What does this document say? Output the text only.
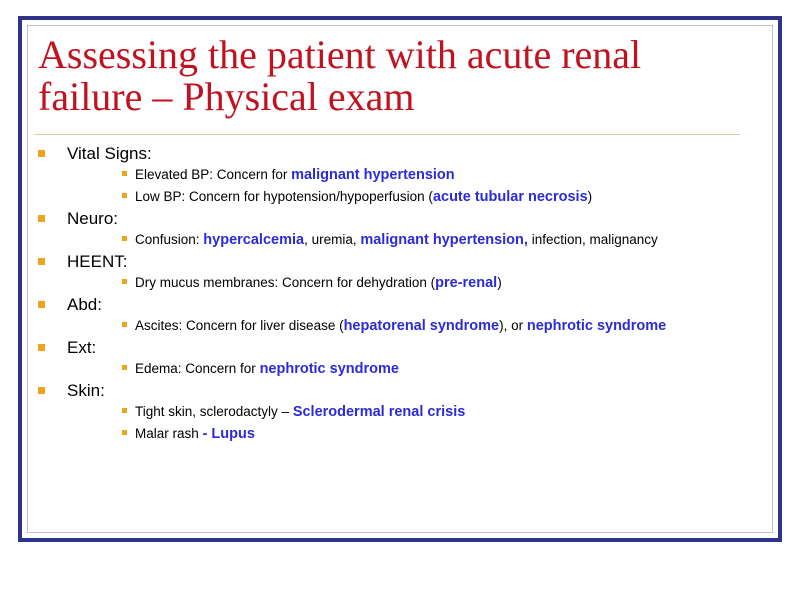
Assessing the patient with acute renal
failure – Physical exam
Vital Signs:
Elevated BP: Concern for malignant hypertension
Low BP: Concern for hypotension/hypoperfusion (acute tubular necrosis)
Neuro:
Confusion: hypercalcemia, uremia, malignant hypertension, infection, malignancy
HEENT:
Dry mucus membranes: Concern for dehydration (pre-renal)
Abd:
Ascites: Concern for liver disease (hepatorenal syndrome), or nephrotic syndrome
Ext:
Edema: Concern for nephrotic syndrome
Skin:
Tight skin, sclerodactyly – Sclerodermal renal crisis
Malar rash - Lupus
